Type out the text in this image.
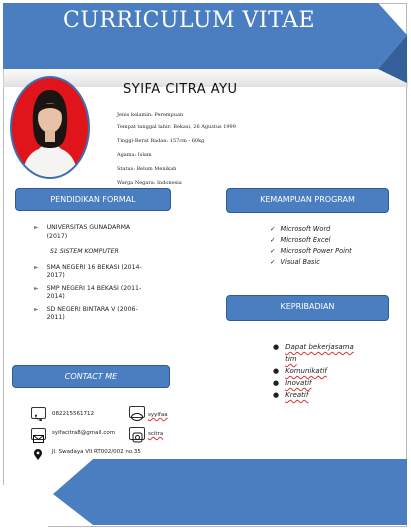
CURRICULUM VITAE
SYIFA CITRA AYU
Jenis kelamin: Perempuan
Tempat tanggal lahir: Bekasi, 26 Agustus 1999
Tinggi-Berat Badan: 157cm - 60kg
Agama: Islam
Status: Belum Menikah
Warga Negara: Indonesia
PENDIDIKAN FORMAL	KEMAMPUAN PROGRAM
KEPRIBADIAN
CONTACT ME
► UNIVERSITAS GUNADARMA
(2017)
S1 SISTEM KOMPUTER
► SMA NEGERI 16 BEKASI (2014-
2017)
► SMP NEGERI 14 BEKASI (2011-
2014)
► SD NEGERI BINTARA V (2006-
2011)
✓ Microsoft Word
✓ Microsoft Excel
✓ Microsoft Power Point
✓ Visual Basic
● Dapat bekerjasama
tim
● Komunikatif
● Inovatif
● Kreatif
082215561712	syyifaa
syifacitra8@gmail.com	scitra
Jl. Swadaya VII RT002/002 no.35
